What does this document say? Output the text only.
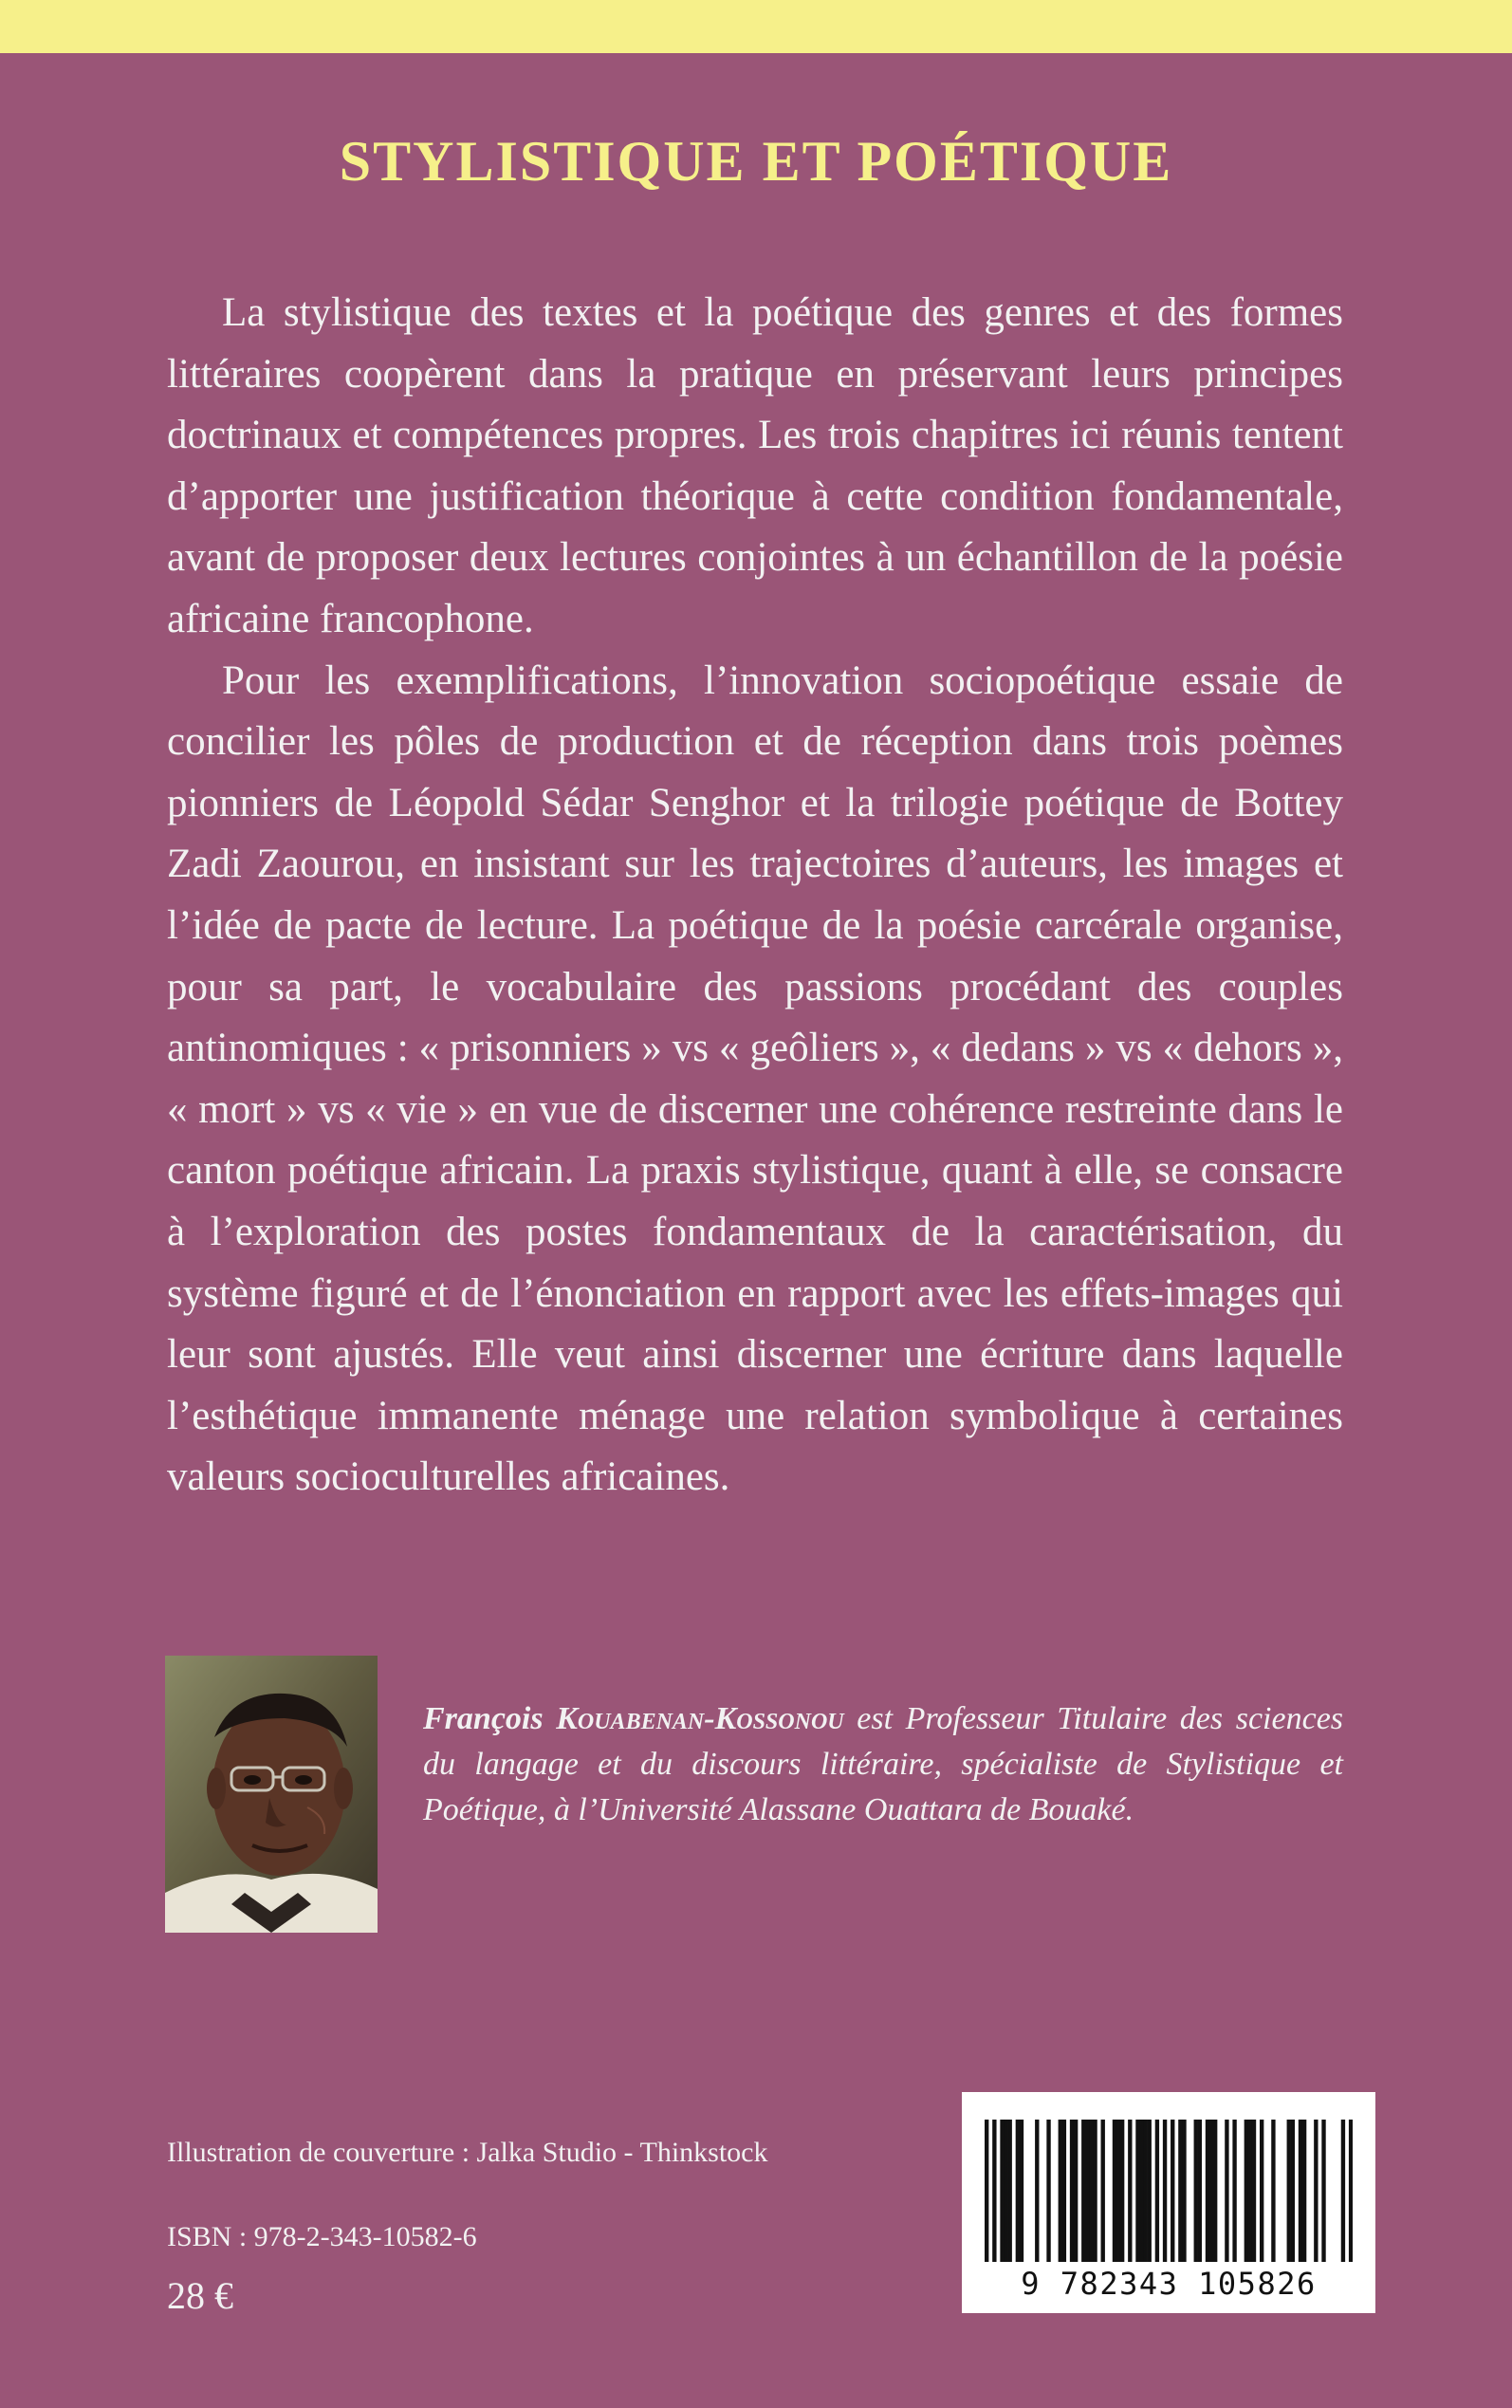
STYLISTIQUE ET POÉTIQUE

La stylistique des textes et la poétique des genres et des formes littéraires coopèrent dans la pratique en préservant leurs principes doctrinaux et compétences propres. Les trois chapitres ici réunis tentent d’apporter une justification théorique à cette condition fondamentale, avant de proposer deux lectures conjointes à un échantillon de la poésie africaine francophone.

Pour les exemplifications, l’innovation sociopoétique essaie de concilier les pôles de production et de réception dans trois poèmes pionniers de Léopold Sédar Senghor et la trilogie poétique de Bottey Zadi Zaourou, en insistant sur les trajectoires d’auteurs, les images et l’idée de pacte de lecture. La poétique de la poésie carcérale organise, pour sa part, le vocabulaire des passions procédant des couples antinomiques : « prisonniers » vs « geôliers », « dedans » vs « dehors », « mort » vs « vie » en vue de discerner une cohérence restreinte dans le canton poétique africain. La praxis stylistique, quant à elle, se consacre à l’exploration des postes fondamentaux de la caractérisation, du système figuré et de l’énonciation en rapport avec les effets-images qui leur sont ajustés. Elle veut ainsi discerner une écriture dans laquelle l’esthétique immanente ménage une relation symbolique à certaines valeurs socioculturelles africaines.

François Kouabenan-Kossonou est Professeur Titulaire des sciences du langage et du discours littéraire, spécialiste de Stylistique et Poétique, à l’Université Alassane Ouattara de Bouaké.
Illustration de couverture : Jalka Studio - Thinkstock
ISBN : 978-2-343-10582-6
28 €	9 782343 105826
